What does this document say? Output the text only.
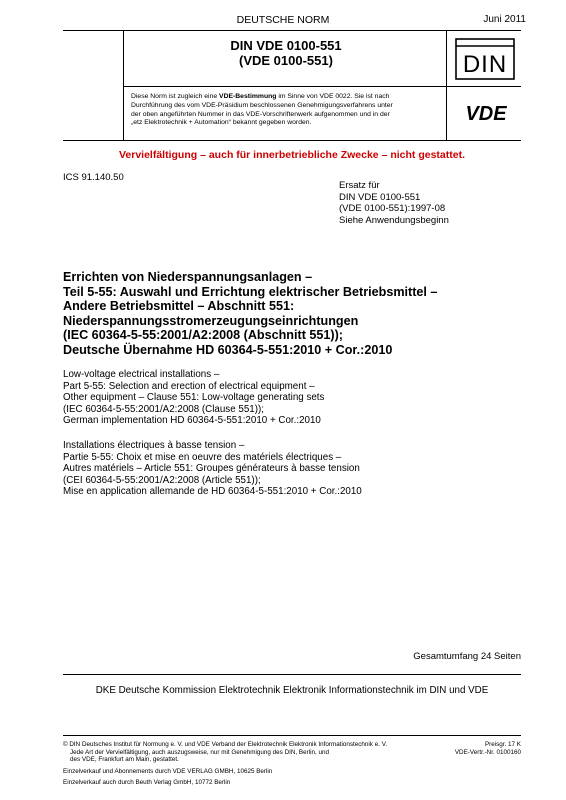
DEUTSCHE NORM	Juni 2011
DIN VDE 0100-551
(VDE 0100-551)
Diese Norm ist zugleich eine VDE-Bestimmung im Sinne von VDE 0022. Sie ist nach
Durchführung des vom VDE-Präsidium beschlossenen Genehmigungsverfahrens unter
der oben angeführten Nummer in das VDE-Vorschriftenwerk aufgenommen und in der
„etz Elektrotechnik + Automation“ bekannt gegeben worden.
DIN
VDE
Vervielfältigung – auch für innerbetriebliche Zwecke – nicht gestattet.
ICS 91.140.50
Ersatz für
DIN VDE 0100-551
(VDE 0100-551):1997-08
Siehe Anwendungsbeginn
Errichten von Niederspannungsanlagen –
Teil 5-55: Auswahl und Errichtung elektrischer Betriebsmittel –
Andere Betriebsmittel – Abschnitt 551:
Niederspannungsstromerzeugungseinrichtungen
(IEC 60364-5-55:2001/A2:2008 (Abschnitt 551));
Deutsche Übernahme HD 60364-5-551:2010 + Cor.:2010
Low-voltage electrical installations –
Part 5-55: Selection and erection of electrical equipment –
Other equipment – Clause 551: Low-voltage generating sets
(IEC 60364-5-55:2001/A2:2008 (Clause 551));
German implementation HD 60364-5-551:2010 + Cor.:2010
Installations électriques à basse tension –
Partie 5-55: Choix et mise en oeuvre des matériels électriques –
Autres matériels – Article 551: Groupes générateurs à basse tension
(CEI 60364-5-55:2001/A2:2008 (Article 551));
Mise en application allemande de HD 60364-5-551:2010 + Cor.:2010
Gesamtumfang 24 Seiten
DKE Deutsche Kommission Elektrotechnik Elektronik Informationstechnik im DIN und VDE
© DIN Deutsches Institut für Normung e. V. und VDE Verband der Elektrotechnik Elektronik Informationstechnik e. V.
Jede Art der Vervielfältigung, auch auszugsweise, nur mit Genehmigung des DIN, Berlin, und
des VDE, Frankfurt am Main, gestattet.
Preisgr. 17 K
VDE-Vertr.-Nr. 0100160
Einzelverkauf und Abonnements durch VDE VERLAG GMBH, 10625 Berlin
Einzelverkauf auch durch Beuth Verlag GmbH, 10772 Berlin
